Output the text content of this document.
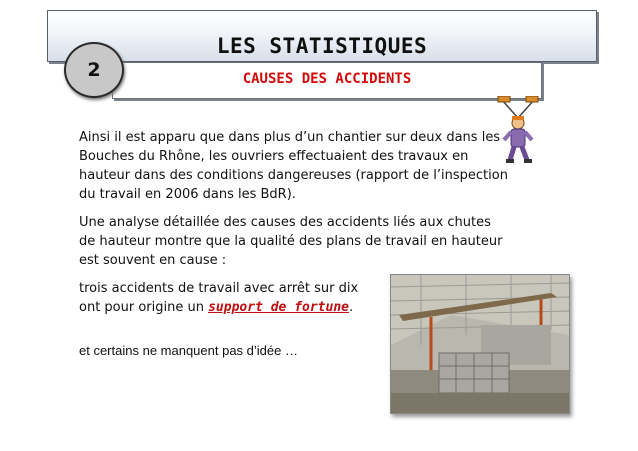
LES STATISTIQUES
CAUSES DES ACCIDENTS
2

Ainsi il est apparu que dans plus d’un chantier sur deux dans les Bouches du Rhône, les ouvriers effectuaient des travaux en hauteur dans des conditions dangereuses (rapport de l’inspection du travail en 2006 dans les BdR).

Une analyse détaillée des causes des accidents liés aux chutes de hauteur montre que la qualité des plans de travail en hauteur est souvent en cause :

trois accidents de travail avec arrêt sur dix ont pour origine un support de fortune.

et certains ne manquent pas d’idée …
